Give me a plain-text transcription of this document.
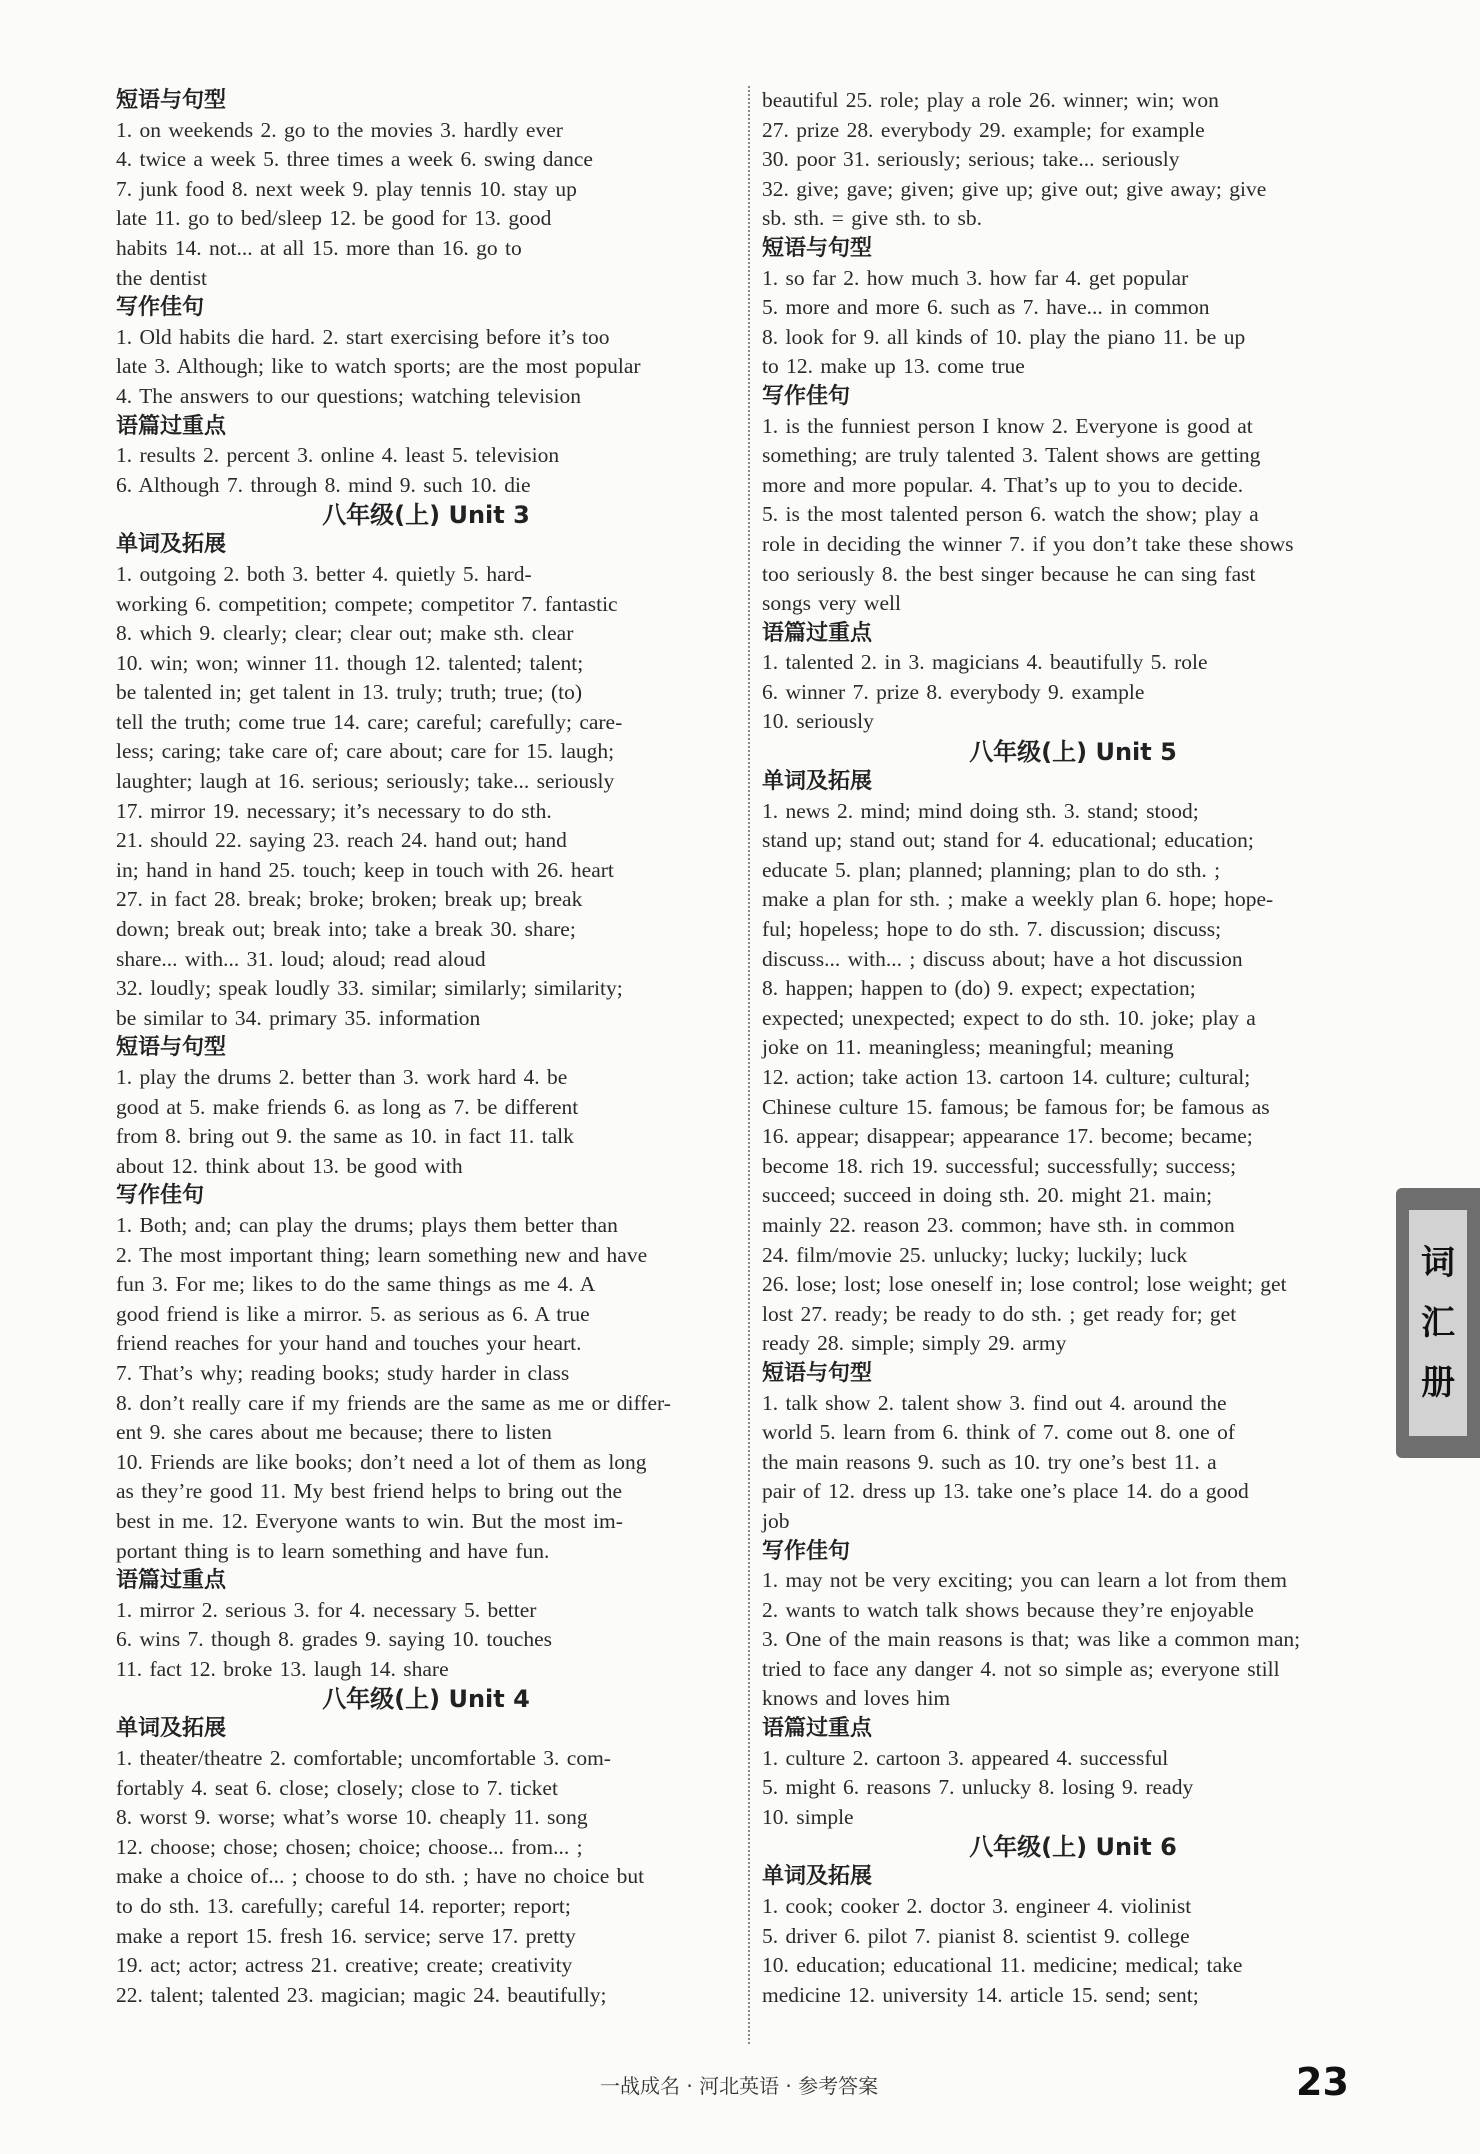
短语与句型
1. on weekends 2. go to the movies 3. hardly ever
4. twice a week 5. three times a week 6. swing dance
7. junk food 8. next week 9. play tennis 10. stay up
late 11. go to bed/sleep 12. be good for 13. good
habits 14. not... at all 15. more than 16. go to
the dentist
写作佳句
1. Old habits die hard. 2. start exercising before it’s too
late 3. Although; like to watch sports; are the most popular
4. The answers to our questions; watching television
语篇过重点
1. results 2. percent 3. online 4. least 5. television
6. Although 7. through 8. mind 9. such 10. die
八年级(上) Unit 3
单词及拓展
1. outgoing 2. both 3. better 4. quietly 5. hard-
working 6. competition; compete; competitor 7. fantastic
8. which 9. clearly; clear; clear out; make sth. clear
10. win; won; winner 11. though 12. talented; talent;
be talented in; get talent in 13. truly; truth; true; (to)
tell the truth; come true 14. care; careful; carefully; care-
less; caring; take care of; care about; care for 15. laugh;
laughter; laugh at 16. serious; seriously; take... seriously
17. mirror 19. necessary; it’s necessary to do sth.
21. should 22. saying 23. reach 24. hand out; hand
in; hand in hand 25. touch; keep in touch with 26. heart
27. in fact 28. break; broke; broken; break up; break
down; break out; break into; take a break 30. share;
share... with... 31. loud; aloud; read aloud
32. loudly; speak loudly 33. similar; similarly; similarity;
be similar to 34. primary 35. information
短语与句型
1. play the drums 2. better than 3. work hard 4. be
good at 5. make friends 6. as long as 7. be different
from 8. bring out 9. the same as 10. in fact 11. talk
about 12. think about 13. be good with
写作佳句
1. Both; and; can play the drums; plays them better than
2. The most important thing; learn something new and have
fun 3. For me; likes to do the same things as me 4. A
good friend is like a mirror. 5. as serious as 6. A true
friend reaches for your hand and touches your heart.
7. That’s why; reading books; study harder in class
8. don’t really care if my friends are the same as me or differ-
ent 9. she cares about me because; there to listen
10. Friends are like books; don’t need a lot of them as long
as they’re good 11. My best friend helps to bring out the
best in me. 12. Everyone wants to win. But the most im-
portant thing is to learn something and have fun.
语篇过重点
1. mirror 2. serious 3. for 4. necessary 5. better
6. wins 7. though 8. grades 9. saying 10. touches
11. fact 12. broke 13. laugh 14. share
八年级(上) Unit 4
单词及拓展
1. theater/theatre 2. comfortable; uncomfortable 3. com-
fortably 4. seat 6. close; closely; close to 7. ticket
8. worst 9. worse; what’s worse 10. cheaply 11. song
12. choose; chose; chosen; choice; choose... from... ;
make a choice of... ; choose to do sth. ; have no choice but
to do sth. 13. carefully; careful 14. reporter; report;
make a report 15. fresh 16. service; serve 17. pretty
19. act; actor; actress 21. creative; create; creativity
22. talent; talented 23. magician; magic 24. beautifully;
beautiful 25. role; play a role 26. winner; win; won
27. prize 28. everybody 29. example; for example
30. poor 31. seriously; serious; take... seriously
32. give; gave; given; give up; give out; give away; give
sb. sth. = give sth. to sb.
短语与句型
1. so far 2. how much 3. how far 4. get popular
5. more and more 6. such as 7. have... in common
8. look for 9. all kinds of 10. play the piano 11. be up
to 12. make up 13. come true
写作佳句
1. is the funniest person I know 2. Everyone is good at
something; are truly talented 3. Talent shows are getting
more and more popular. 4. That’s up to you to decide.
5. is the most talented person 6. watch the show; play a
role in deciding the winner 7. if you don’t take these shows
too seriously 8. the best singer because he can sing fast
songs very well
语篇过重点
1. talented 2. in 3. magicians 4. beautifully 5. role
6. winner 7. prize 8. everybody 9. example
10. seriously
八年级(上) Unit 5
单词及拓展
1. news 2. mind; mind doing sth. 3. stand; stood;
stand up; stand out; stand for 4. educational; education;
educate 5. plan; planned; planning; plan to do sth. ;
make a plan for sth. ; make a weekly plan 6. hope; hope-
ful; hopeless; hope to do sth. 7. discussion; discuss;
discuss... with... ; discuss about; have a hot discussion
8. happen; happen to (do) 9. expect; expectation;
expected; unexpected; expect to do sth. 10. joke; play a
joke on 11. meaningless; meaningful; meaning
12. action; take action 13. cartoon 14. culture; cultural;
Chinese culture 15. famous; be famous for; be famous as
16. appear; disappear; appearance 17. become; became;
become 18. rich 19. successful; successfully; success;
succeed; succeed in doing sth. 20. might 21. main;
mainly 22. reason 23. common; have sth. in common
24. film/movie 25. unlucky; lucky; luckily; luck
26. lose; lost; lose oneself in; lose control; lose weight; get
lost 27. ready; be ready to do sth. ; get ready for; get
ready 28. simple; simply 29. army
短语与句型
1. talk show 2. talent show 3. find out 4. around the
world 5. learn from 6. think of 7. come out 8. one of
the main reasons 9. such as 10. try one’s best 11. a
pair of 12. dress up 13. take one’s place 14. do a good
job
写作佳句
1. may not be very exciting; you can learn a lot from them
2. wants to watch talk shows because they’re enjoyable
3. One of the main reasons is that; was like a common man;
tried to face any danger 4. not so simple as; everyone still
knows and loves him
语篇过重点
1. culture 2. cartoon 3. appeared 4. successful
5. might 6. reasons 7. unlucky 8. losing 9. ready
10. simple
八年级(上) Unit 6
单词及拓展
1. cook; cooker 2. doctor 3. engineer 4. violinist
5. driver 6. pilot 7. pianist 8. scientist 9. college
10. education; educational 11. medicine; medical; take
medicine 12. university 14. article 15. send; sent;
词
汇
册
一战成名 · 河北英语 · 参考答案	23
